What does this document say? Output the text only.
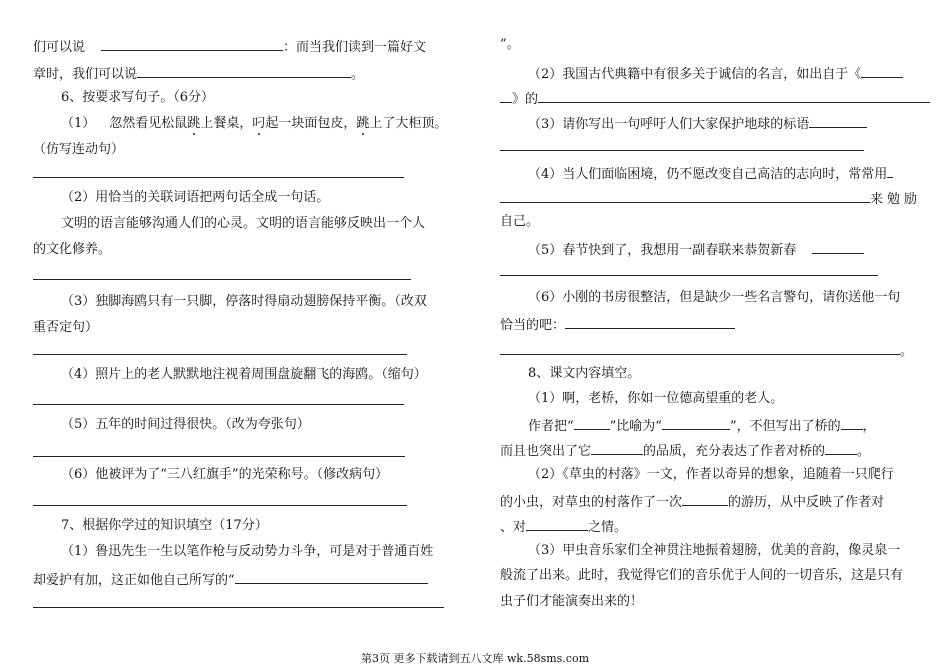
们可以说	：而当我们读到一篇好文
章时，我们可以说	。
6、按要求写句子。（6分）
（1） 忽然看见松鼠跳上餐桌，叼起一块面包皮，跳上了大柜顶。
（仿写连动句）
（2）用恰当的关联词语把两句话全成一句话。
文明的语言能够沟通人们的心灵。文明的语言能够反映出一个人
的文化修养。
（3）独脚海鸥只有一只脚，停落时得扇动翅膀保持平衡。（改双
重否定句）
（4）照片上的老人默默地注视着周围盘旋翻飞的海鸥。（缩句）
（5）五年的时间过得很快。（改为夸张句）
（6）他被评为了“三八红旗手”的光荣称号。（修改病句）
7、根据你学过的知识填空（17分）
（1）鲁迅先生一生以笔作枪与反动势力斗争，可是对于普通百姓
却爱护有加，这正如他自己所写的“
”。
（2）我国古代典籍中有很多关于诚信的名言，如出自于《
》的
（3）请你写出一句呼吁人们大家保护地球的标语
（4）当人们面临困境，仍不愿改变自己高洁的志向时，常常用
来勉励
自己。
（5）春节快到了，我想用一副春联来恭贺新春
（6）小刚的书房很整洁，但是缺少一些名言警句，请你送他一句
恰当的吧：
。
8、课文内容填空。
（1）啊，老桥，你如一位德高望重的老人。
作者把“	”比喻为“	”，不但写出了桥的 ，
而且也突出了它	的品质，充分表达了作者对桥的 。
（2）《草虫的村落》一文，作者以奇异的想象，追随着一只爬行
的小虫，对草虫的村落作了一次	的游历，从中反映了作者对
、对	之情。
（3）甲虫音乐家们全神贯注地振着翅膀，优美的音韵，像灵泉一
般流了出来。此时，我觉得它们的音乐优于人间的一切音乐，这是只有
虫子们才能演奏出来的！
第3页 更多下载请到五八文库 wk.58sms.com
